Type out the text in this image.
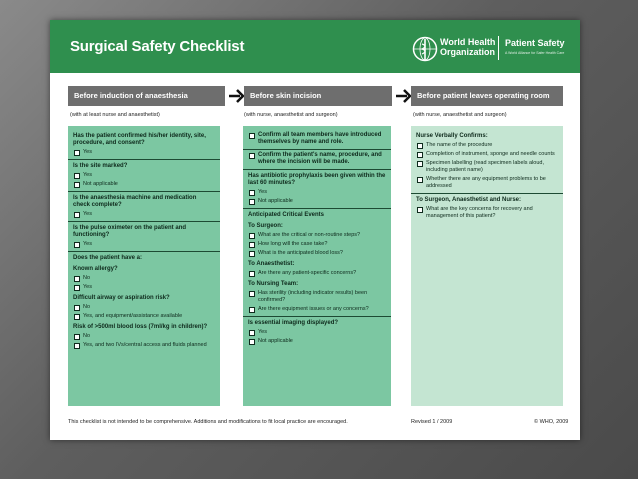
Surgical Safety Checklist	World Health
Organization
Patient Safety
A World Alliance for Safer Health Care
Before induction of anaesthesia	Before skin incision	Before patient leaves operating room
(with at least nurse and anaesthetist)	(with nurse, anaesthetist and surgeon)	(with nurse, anaesthetist and surgeon)
Has the patient confirmed his/her identity, site, procedure, and consent?
Yes
Is the site marked?
Yes
Not applicable
Is the anaesthesia machine and medication check complete?
Yes
Is the pulse oximeter on the patient and functioning?
Yes
Does the patient have a:
Known allergy?
No
Yes
Difficult airway or aspiration risk?
No
Yes, and equipment/assistance available
Risk of >500ml blood loss (7ml/kg in children)?
No
Yes, and two IVs/central access and fluids planned
Confirm all team members have introduced themselves by name and role.
Confirm the patient's name, procedure, and where the incision will be made.
Has antibiotic prophylaxis been given within the last 60 minutes?
Yes
Not applicable
Anticipated Critical Events
To Surgeon:
What are the critical or non-routine steps?
How long will the case take?
What is the anticipated blood loss?
To Anaesthetist:
Are there any patient-specific concerns?
To Nursing Team:
Has sterility (including indicator results) been confirmed?
Are there equipment issues or any concerns?
Is essential imaging displayed?
Yes
Not applicable
Nurse Verbally Confirms:
The name of the procedure
Completion of instrument, sponge and needle counts
Specimen labelling (read specimen labels aloud, including patient name)
Whether there are any equipment problems to be addressed
To Surgeon, Anaesthetist and Nurse:
What are the key concerns for recovery and management of this patient?
This checklist is not intended to be comprehensive. Additions and modifications to fit local practice are encouraged.	Revised 1 / 2009	© WHO, 2009
